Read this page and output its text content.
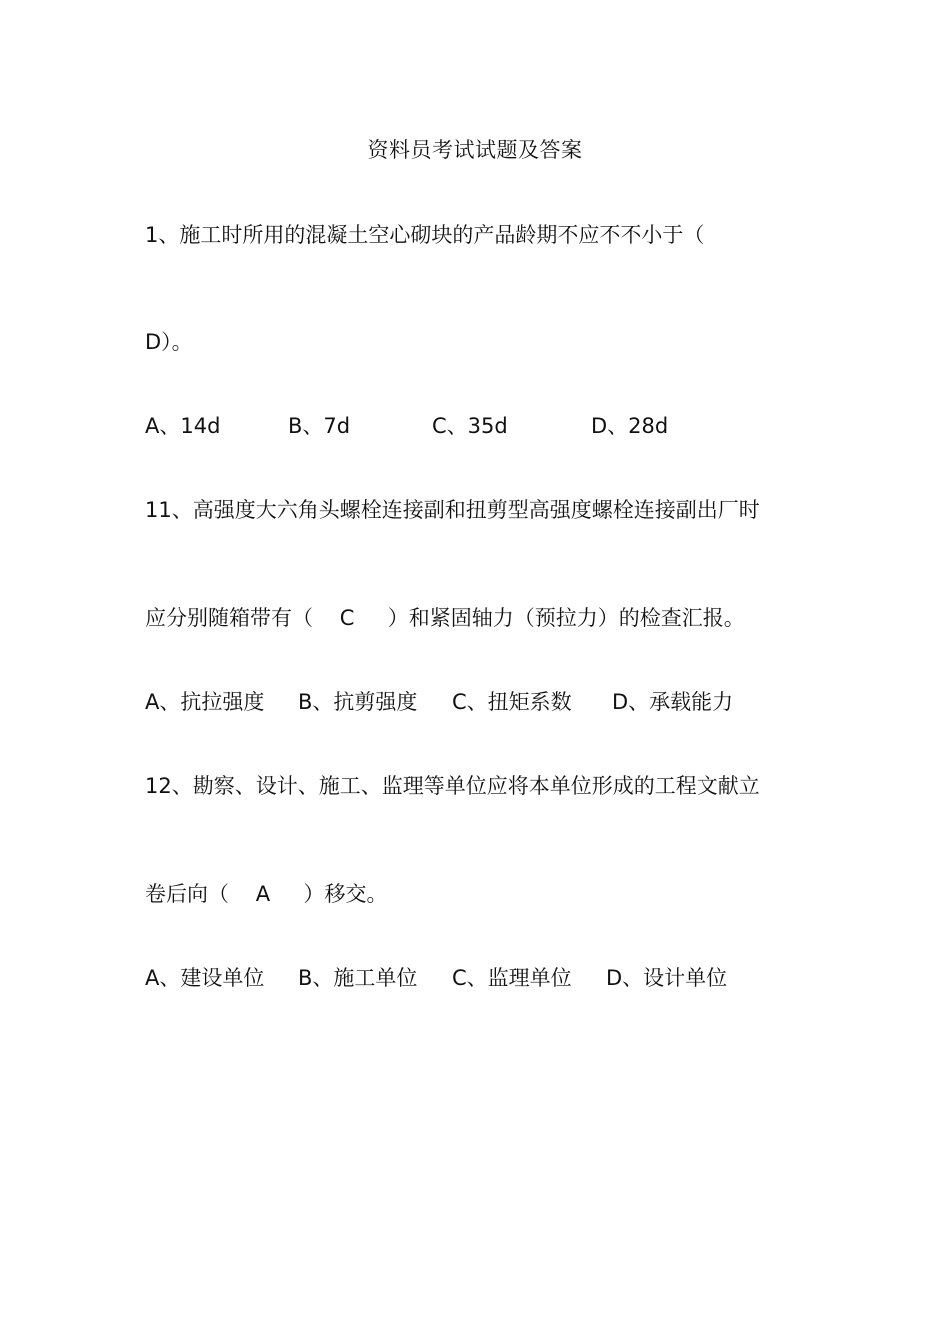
资料员考试试题及答案
1、施工时所用的混凝土空心砌块的产品龄期不应不不小于（
D）。
A、14d	B、7d	C、35d	D、28d
11、高强度大六角头螺栓连接副和扭剪型高强度螺栓连接副出厂时
应分别随箱带有（    C     ）和紧固轴力（预拉力）的检查汇报。
A、抗拉强度 B、抗剪强度 C、扭矩系数 D、承载能力
12、勘察、设计、施工、监理等单位应将本单位形成的工程文献立
卷后向（    A     ）移交。
A、建设单位 B、施工单位 C、监理单位 D、设计单位
